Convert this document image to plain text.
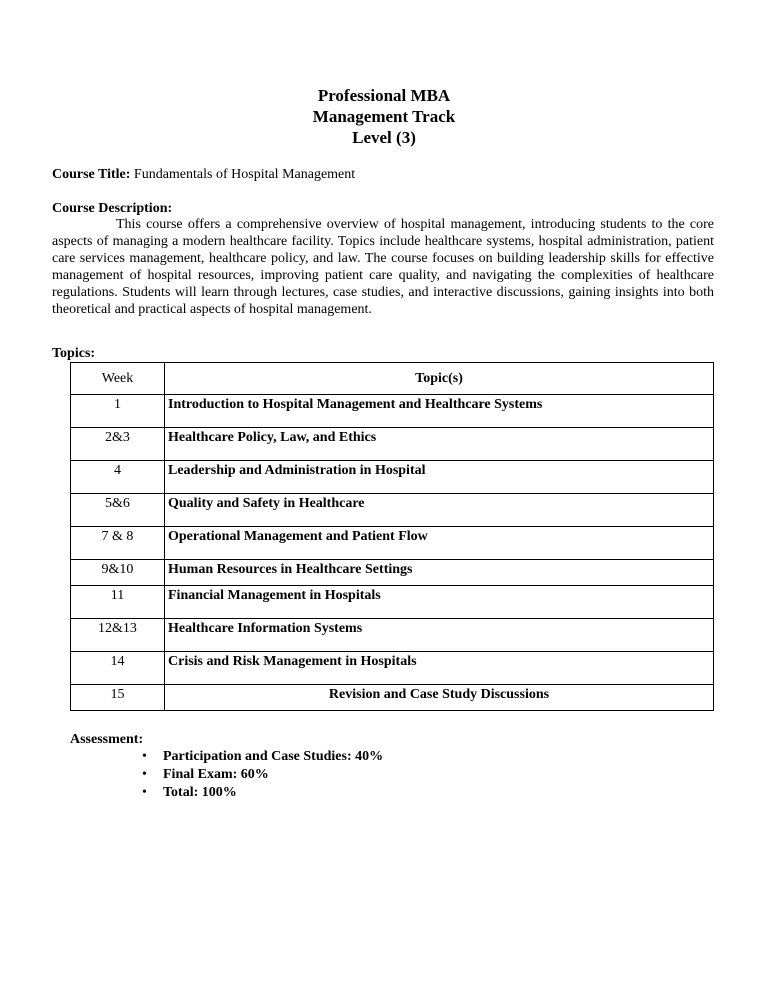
Professional MBA
Management Track
Level (3)
Course Title: Fundamentals of Hospital Management
Course Description:
This course offers a comprehensive overview of hospital management, introducing students to the core aspects of managing a modern healthcare facility. Topics include healthcare systems, hospital administration, patient care services management, healthcare policy, and law. The course focuses on building leadership skills for effective management of hospital resources, improving patient care quality, and navigating the complexities of healthcare regulations. Students will learn through lectures, case studies, and interactive discussions, gaining insights into both theoretical and practical aspects of hospital management.
Topics:
Week	Topic(s)
1	Introduction to Hospital Management and Healthcare Systems
2&3	Healthcare Policy, Law, and Ethics
4	Leadership and Administration in Hospital
5&6	Quality and Safety in Healthcare
7 & 8	Operational Management and Patient Flow
9&10	Human Resources in Healthcare Settings
11	Financial Management in Hospitals
12&13	Healthcare Information Systems
14	Crisis and Risk Management in Hospitals
15	Revision and Case Study Discussions
Assessment:
• Participation and Case Studies: 40%
• Final Exam: 60%
• Total: 100%
